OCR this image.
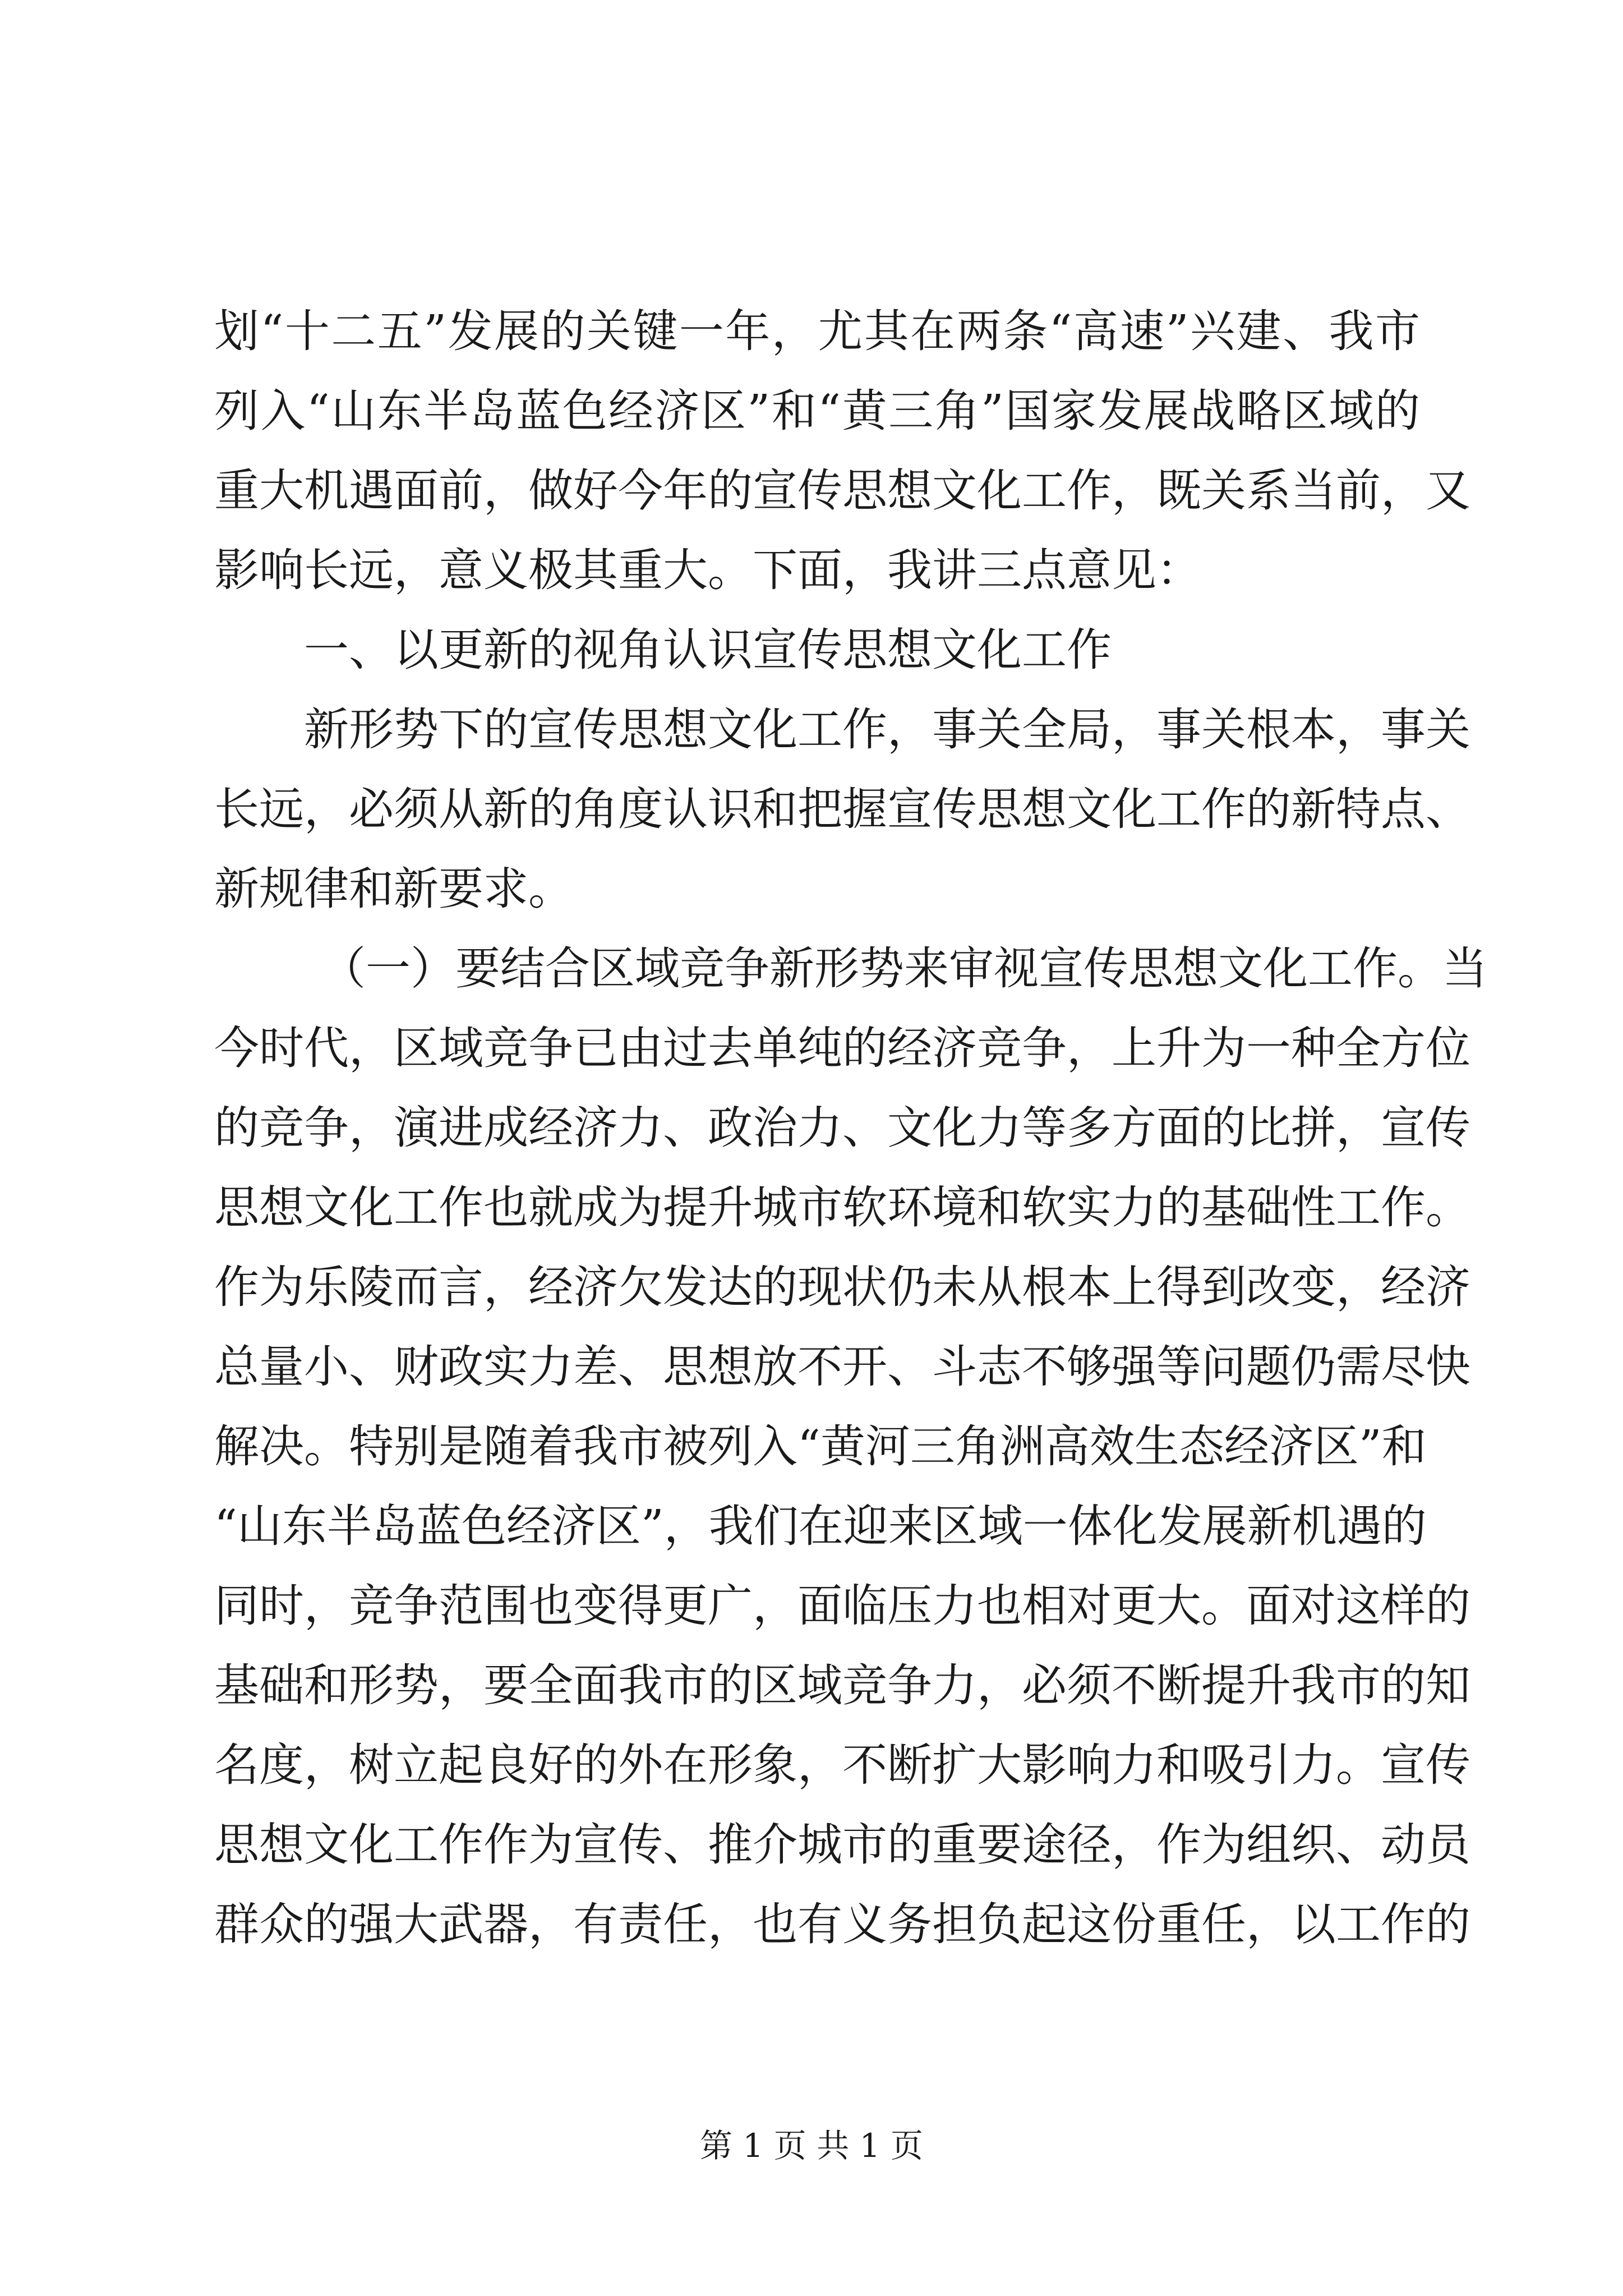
划“十二五”发展的关键一年，尤其在两条“高速”兴建、我市
列入“山东半岛蓝色经济区”和“黄三角”国家发展战略区域的
重大机遇面前，做好今年的宣传思想文化工作，既关系当前，又
影响长远，意义极其重大。下面，我讲三点意见：
一、以更新的视角认识宣传思想文化工作
新形势下的宣传思想文化工作，事关全局，事关根本，事关
长远，必须从新的角度认识和把握宣传思想文化工作的新特点、
新规律和新要求。
（一）要结合区域竞争新形势来审视宣传思想文化工作。当
今时代，区域竞争已由过去单纯的经济竞争，上升为一种全方位
的竞争，演进成经济力、政治力、文化力等多方面的比拼，宣传
思想文化工作也就成为提升城市软环境和软实力的基础性工作。
作为乐陵而言，经济欠发达的现状仍未从根本上得到改变，经济
总量小、财政实力差、思想放不开、斗志不够强等问题仍需尽快
解决。特别是随着我市被列入“黄河三角洲高效生态经济区”和
“山东半岛蓝色经济区”，我们在迎来区域一体化发展新机遇的
同时，竞争范围也变得更广，面临压力也相对更大。面对这样的
基础和形势，要全面我市的区域竞争力，必须不断提升我市的知
名度，树立起良好的外在形象，不断扩大影响力和吸引力。宣传
思想文化工作作为宣传、推介城市的重要途径，作为组织、动员
群众的强大武器，有责任，也有义务担负起这份重任，以工作的
第 1 页 共 1 页
